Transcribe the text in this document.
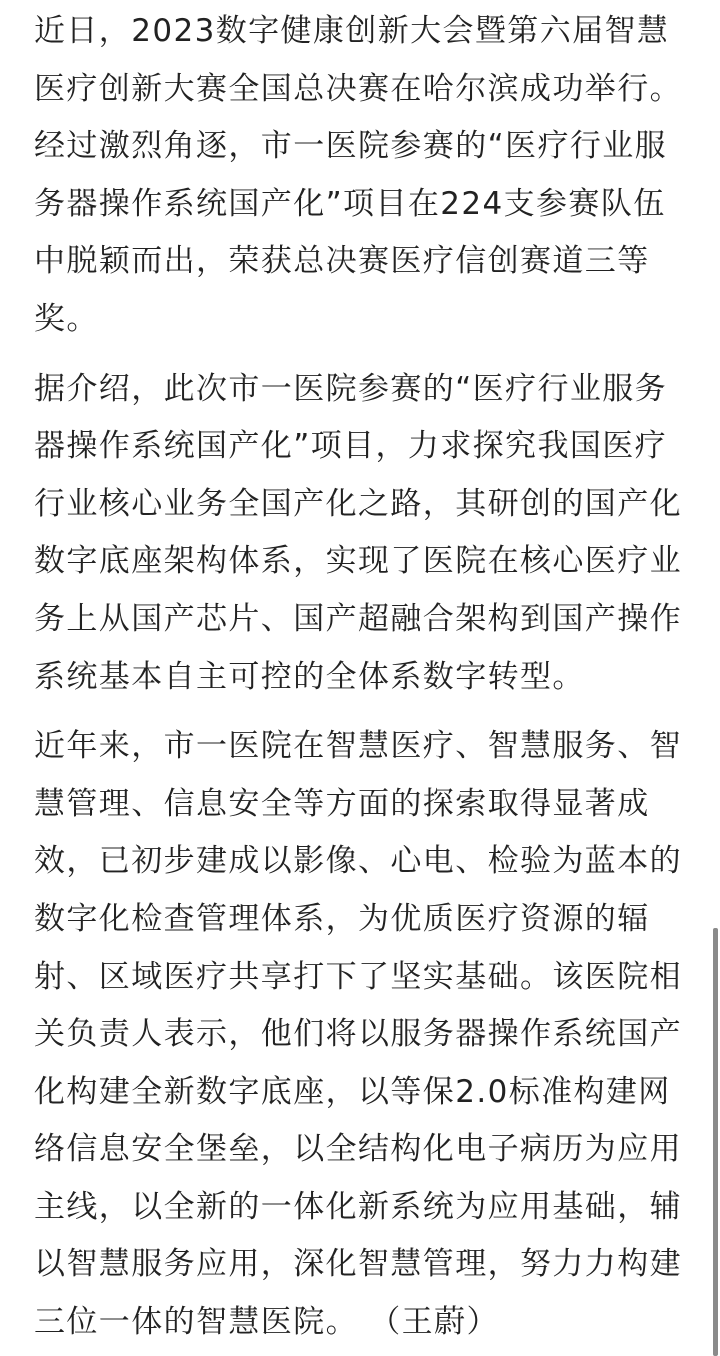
近日，2023数字健康创新大会暨第六届智慧
医疗创新大赛全国总决赛在哈尔滨成功举行。
经过激烈角逐，市一医院参赛的“医疗行业服
务器操作系统国产化”项目在224支参赛队伍
中脱颖而出，荣获总决赛医疗信创赛道三等
奖。
据介绍，此次市一医院参赛的“医疗行业服务
器操作系统国产化”项目，力求探究我国医疗
行业核心业务全国产化之路，其研创的国产化
数字底座架构体系，实现了医院在核心医疗业
务上从国产芯片、国产超融合架构到国产操作
系统基本自主可控的全体系数字转型。
近年来，市一医院在智慧医疗、智慧服务、智
慧管理、信息安全等方面的探索取得显著成
效，已初步建成以影像、心电、检验为蓝本的
数字化检查管理体系，为优质医疗资源的辐
射、区域医疗共享打下了坚实基础。该医院相
关负责人表示，他们将以服务器操作系统国产
化构建全新数字底座，以等保2.0标准构建网
络信息安全堡垒，以全结构化电子病历为应用
主线，以全新的一体化新系统为应用基础，辅
以智慧服务应用，深化智慧管理，努力力构建
三位一体的智慧医院。 （王蔚）
